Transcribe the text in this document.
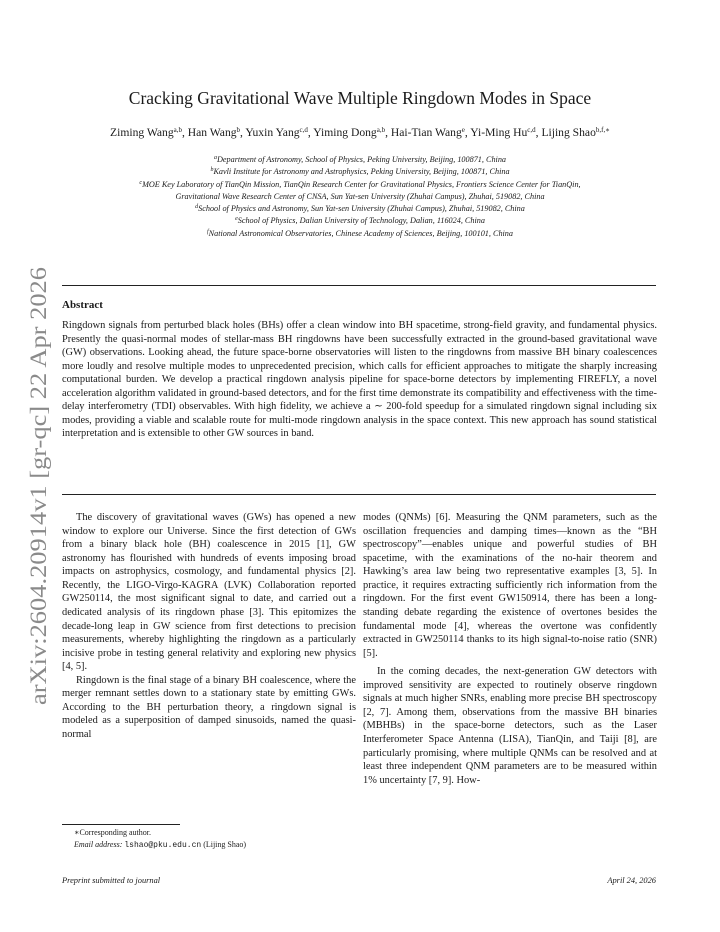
arXiv:2604.20914v1 [gr-qc] 22 Apr 2026
Cracking Gravitational Wave Multiple Ringdown Modes in Space
Ziming Wang$^{a,b}$, Han Wang$^b$, Yuxin Yang$^{c,d}$, Yiming Dong$^{a,b}$, Hai-Tian Wang$^e$, Yi-Ming Hu$^{c,d}$, Lijing Shao$^{b,f,∗}$
$^a$Department of Astronomy, School of Physics, Peking University, Beijing, 100871, China
$^b$Kavli Institute for Astronomy and Astrophysics, Peking University, Beijing, 100871, China
$^c$MOE Key Laboratory of TianQin Mission, TianQin Research Center for Gravitational Physics, Frontiers Science Center for TianQin,
Gravitational Wave Research Center of CNSA, Sun Yat-sen University (Zhuhai Campus), Zhuhai, 519082, China
$^d$School of Physics and Astronomy, Sun Yat-sen University (Zhuhai Campus), Zhuhai, 519082, China
$^e$School of Physics, Dalian University of Technology, Dalian, 116024, China
$^f$National Astronomical Observatories, Chinese Academy of Sciences, Beijing, 100101, China
Abstract
Ringdown signals from perturbed black holes (BHs) offer a clean window into BH spacetime, strong-field gravity, and fundamental physics. Presently the quasi-normal modes of stellar-mass BH ringdowns have been successfully extracted in the ground-based gravitational wave (GW) observations. Looking ahead, the future space-borne observatories will listen to the ringdowns from massive BH binary coalescences more loudly and resolve multiple modes to unprecedented precision, which calls for efficient approaches to mitigate the sharply increasing computational burden. We develop a practical ringdown analysis pipeline for space-borne detectors by implementing FIREFLY, a novel acceleration algorithm validated in ground-based detectors, and for the first time demonstrate its compatibility and effectiveness with the time-delay interferometry (TDI) observables. With high fidelity, we achieve a ∼ 200-fold speedup for a simulated ringdown signal including six modes, providing a viable and scalable route for multi-mode ringdown analysis in the space context. This new approach has sound statistical interpretation and is extensible to other GW sources in band.

The discovery of gravitational waves (GWs) has opened a new window to explore our Universe. Since the first detection of GWs from a binary black hole (BH) coalescence in 2015 [1], GW astronomy has flourished with hundreds of events imposing broad impacts on astrophysics, cosmology, and fundamental physics [2]. Recently, the LIGO-Virgo-KAGRA (LVK) Collaboration reported GW250114, the most significant signal to date, and carried out a dedicated analysis of its ringdown phase [3]. This epitomizes the decade-long leap in GW science from first detections to precision measurements, whereby highlighting the ringdown as a particularly incisive probe in testing general relativity and exploring new physics [4, 5].

Ringdown is the final stage of a binary BH coalescence, where the merger remnant settles down to a stationary state by emitting GWs. According to the BH perturbation theory, a ringdown signal is modeled as a superposition of damped sinusoids, named the quasi-normal

modes (QNMs) [6]. Measuring the QNM parameters, such as the oscillation frequencies and damping times—known as the “BH spectroscopy”—enables unique and powerful studies of BH spacetime, with the examinations of the no-hair theorem and Hawking’s area law being two representative examples [3, 5]. In practice, it requires extracting sufficiently rich information from the ringdown. For the first event GW150914, there has been a long-standing debate regarding the existence of overtones besides the fundamental mode [4], whereas the overtone was confidently extracted in GW250114 thanks to its high signal-to-noise ratio (SNR) [5].

In the coming decades, the next-generation GW detectors with improved sensitivity are expected to routinely observe ringdown signals at much higher SNRs, enabling more precise BH spectroscopy [2, 7]. Among them, observations from the massive BH binaries (MBHBs) in the space-borne detectors, such as the Laser Interferometer Space Antenna (LISA), TianQin, and Taiji [8], are particularly promising, where multiple QNMs can be resolved and at least three independent QNM parameters are to be measured within 1% uncertainty [7, 9]. How-

∗Corresponding author.
Email address: lshao@pku.edu.cn (Lijing Shao)
Preprint submitted to journal	April 24, 2026
